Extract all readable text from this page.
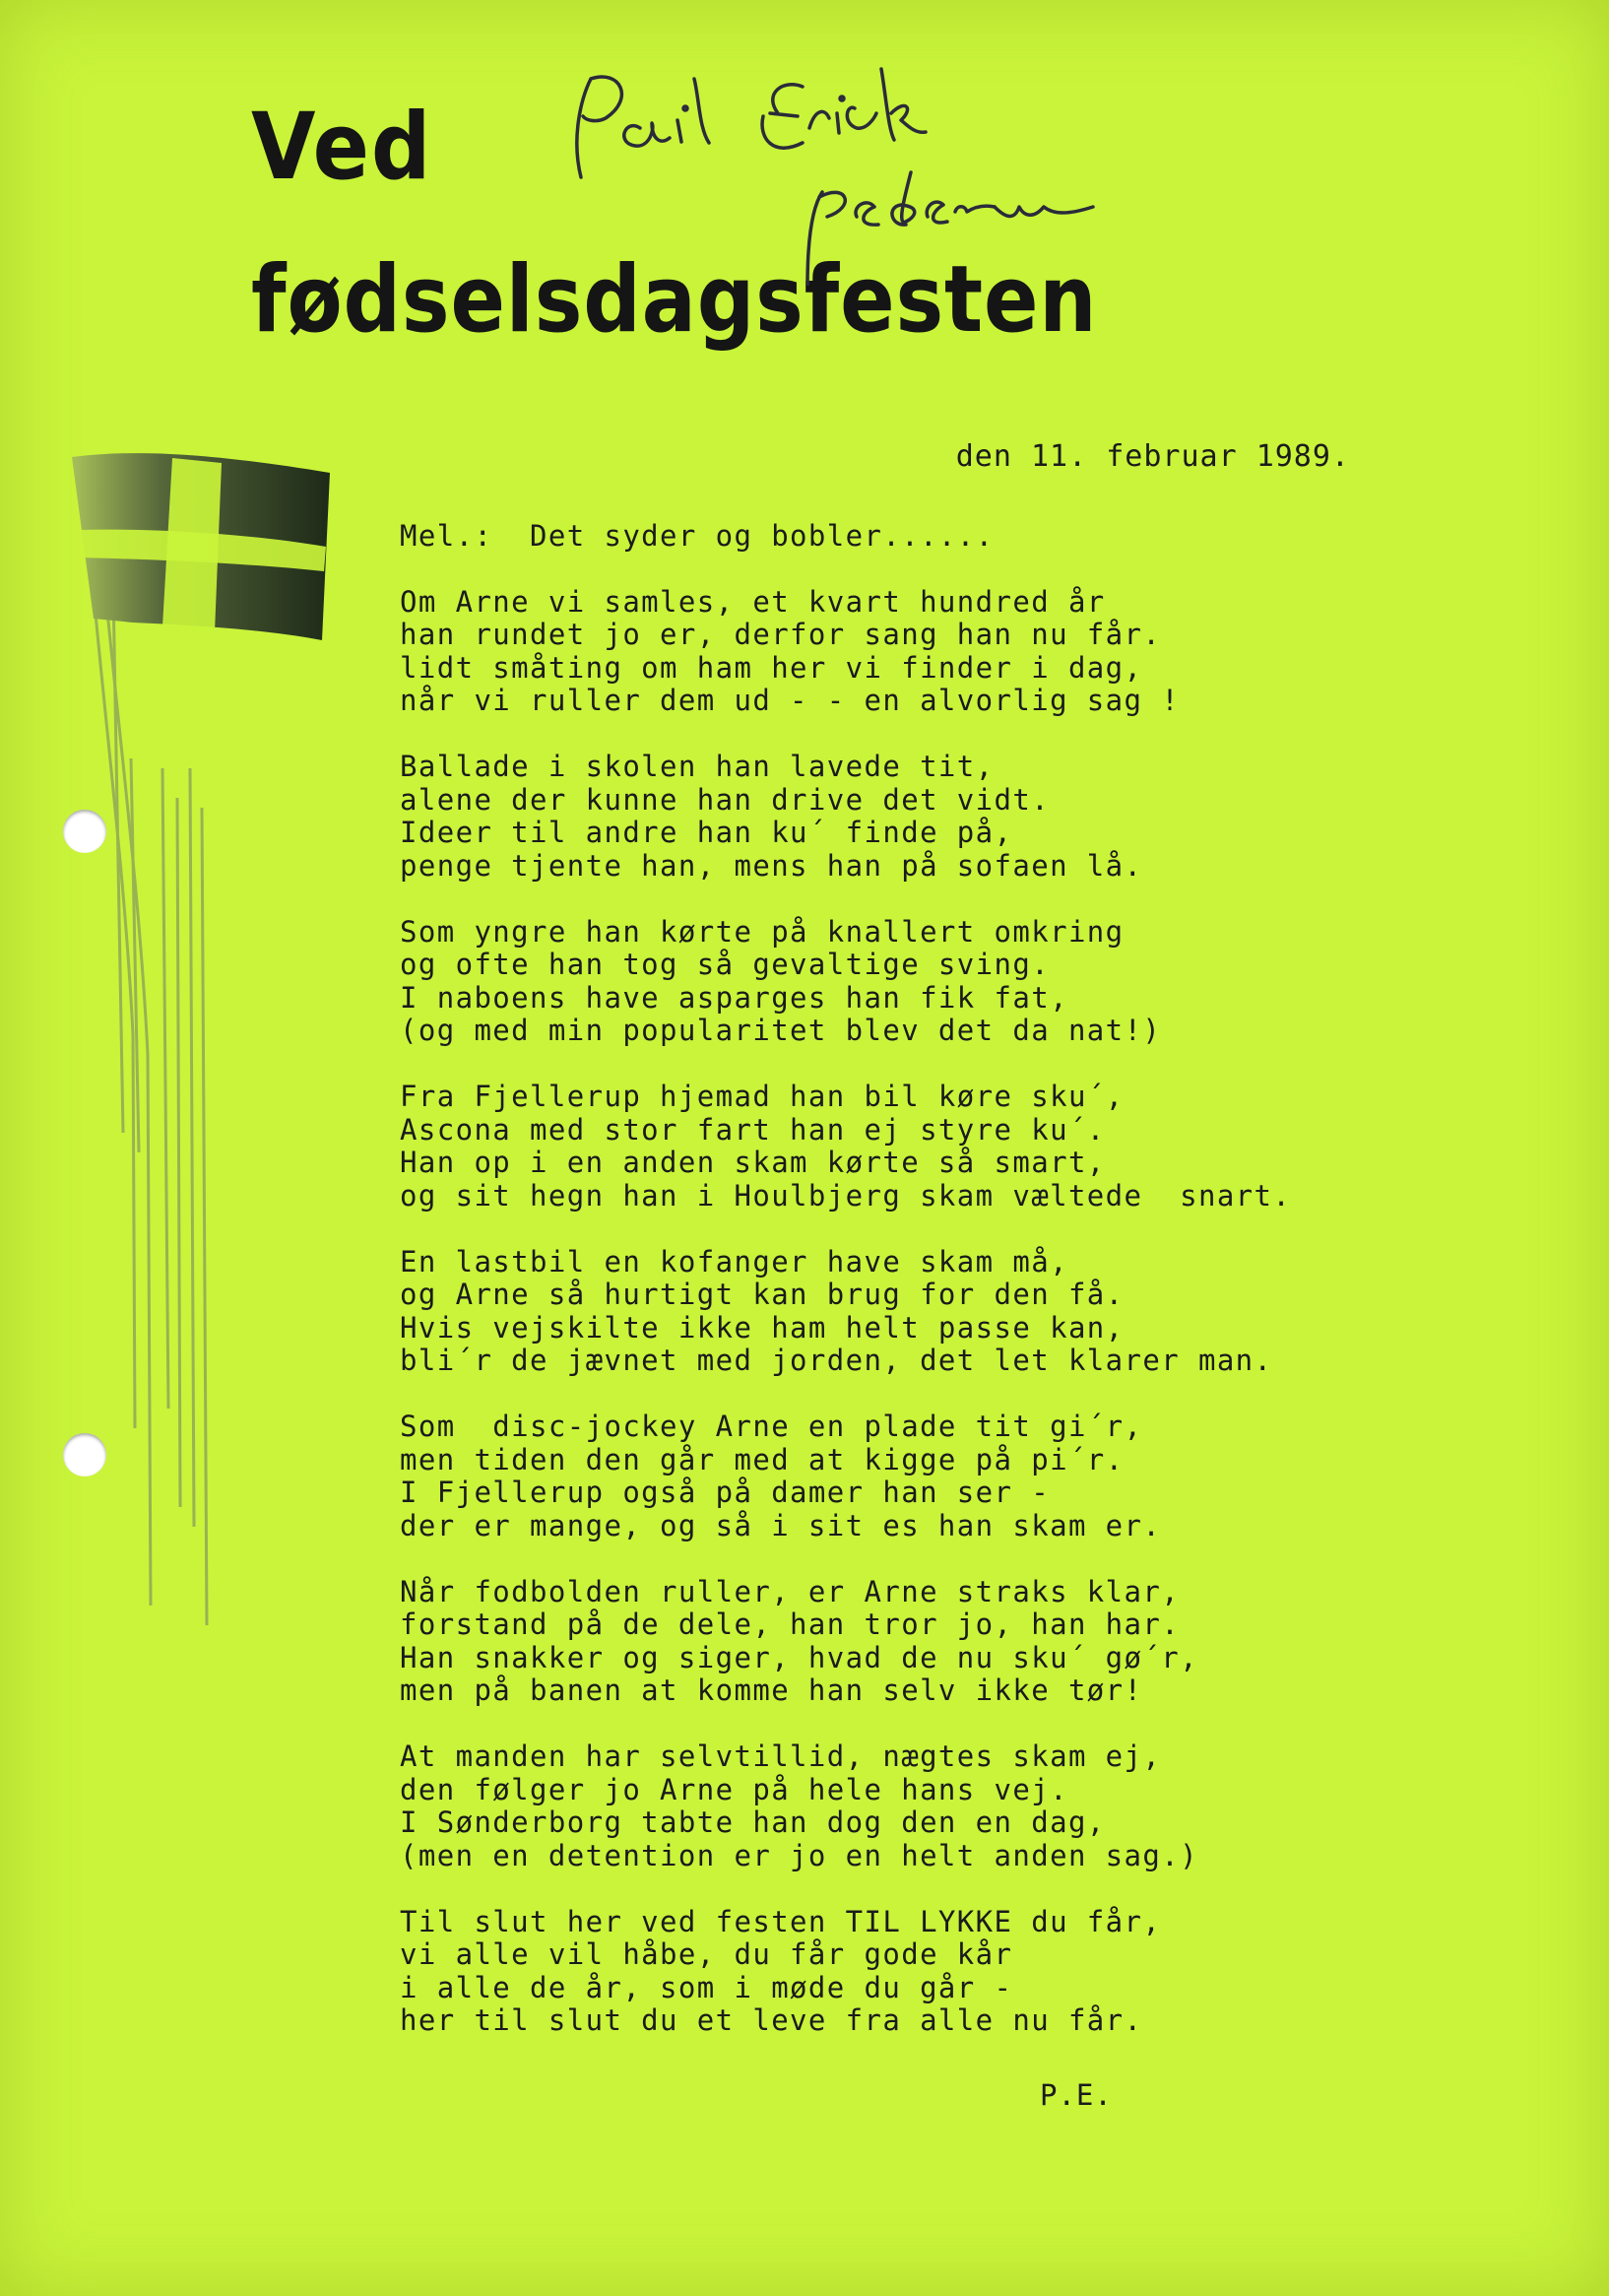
Ved
fødselsdagsfesten
den 11. februar 1989.
Mel.:  Det syder og bobler......
Om Arne vi samles, et kvart hundred år
han rundet jo er, derfor sang han nu får.
lidt småting om ham her vi finder i dag,
når vi ruller dem ud - - en alvorlig sag !
Ballade i skolen han lavede tit,
alene der kunne han drive det vidt.
Ideer til andre han ku´ finde på,
penge tjente han, mens han på sofaen lå.
Som yngre han kørte på knallert omkring
og ofte han tog så gevaltige sving.
I naboens have asparges han fik fat,
(og med min popularitet blev det da nat!)
Fra Fjellerup hjemad han bil køre sku´,
Ascona med stor fart han ej styre ku´.
Han op i en anden skam kørte så smart,
og sit hegn han i Houlbjerg skam væltede  snart.
En lastbil en kofanger have skam må,
og Arne så hurtigt kan brug for den få.
Hvis vejskilte ikke ham helt passe kan,
bli´r de jævnet med jorden, det let klarer man.
Som  disc-jockey Arne en plade tit gi´r,
men tiden den går med at kigge på pi´r.
I Fjellerup også på damer han ser -
der er mange, og så i sit es han skam er.
Når fodbolden ruller, er Arne straks klar,
forstand på de dele, han tror jo, han har.
Han snakker og siger, hvad de nu sku´ gø´r,
men på banen at komme han selv ikke tør!
At manden har selvtillid, nægtes skam ej,
den følger jo Arne på hele hans vej.
I Sønderborg tabte han dog den en dag,
(men en detention er jo en helt anden sag.)
Til slut her ved festen TIL LYKKE du får,
vi alle vil håbe, du får gode kår
i alle de år, som i møde du går -
her til slut du et leve fra alle nu får.
P.E.
